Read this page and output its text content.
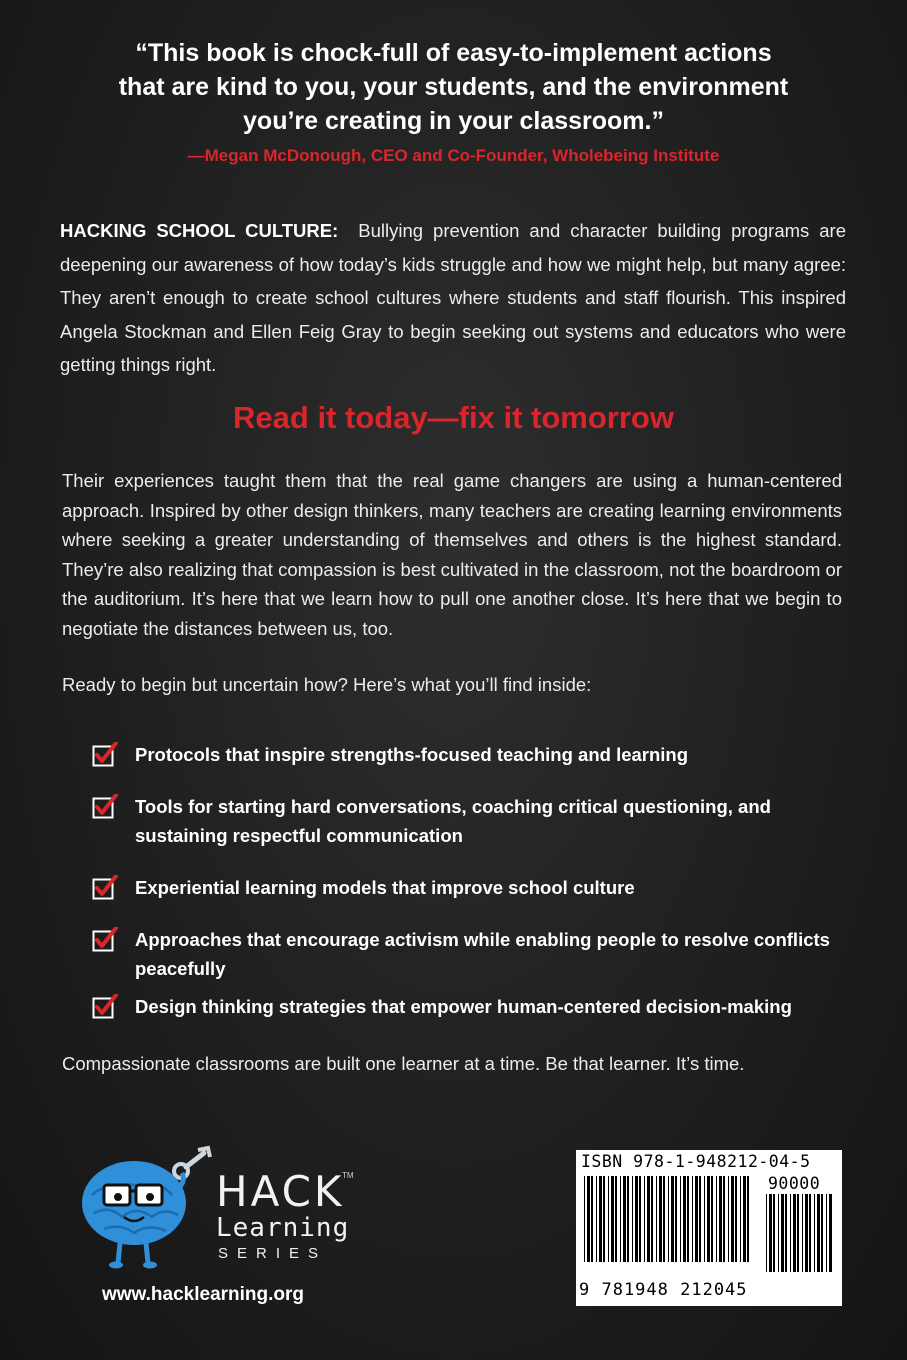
“This book is chock-full of easy-to-implement actions
that are kind to you, your students, and the environment
you’re creating in your classroom.”
—Megan McDonough, CEO and Co-Founder, Wholebeing Institute
HACKING SCHOOL CULTURE: Bullying prevention and character building programs are deepening our awareness of how today’s kids struggle and how we might help, but many agree: They aren’t enough to create school cultures where students and staff flourish. This inspired Angela Stockman and Ellen Feig Gray to begin seeking out systems and educators who were getting things right.
Read it today—fix it tomorrow
Their experiences taught them that the real game changers are using a human-centered approach. Inspired by other design thinkers, many teachers are creating learning environments where seeking a greater understanding of themselves and others is the highest standard. They’re also realizing that compassion is best cultivated in the classroom, not the boardroom or the auditorium. It’s here that we learn how to pull one another close. It’s here that we begin to negotiate the distances between us, too.
Ready to begin but uncertain how? Here’s what you’ll find inside:
Protocols that inspire strengths-focused teaching and learning
Tools for starting hard conversations, coaching critical questioning, and sustaining respectful communication
Experiential learning models that improve school culture
Approaches that encourage activism while enabling people to resolve conflicts peacefully
Design thinking strategies that empower human-centered decision-making
Compassionate classrooms are built one learner at a time. Be that learner. It’s time.
HACK
TM
Learning
SERIES
www.hacklearning.org
ISBN 978-1-948212-04-5
90000
9 781948 212045
